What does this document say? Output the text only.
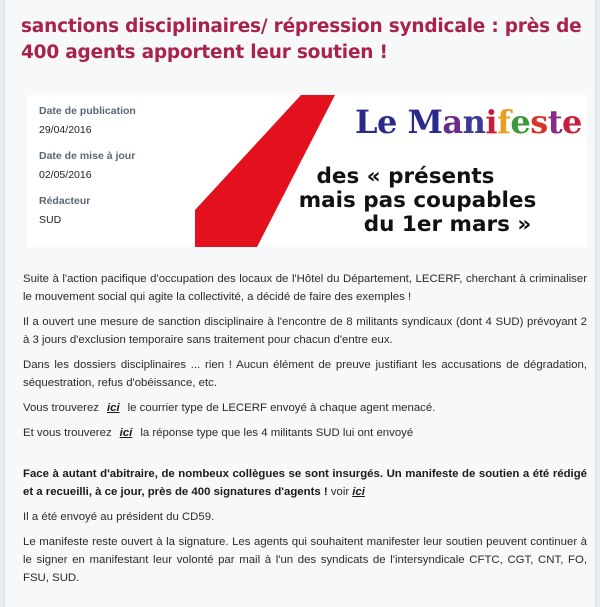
sanctions disciplinaires/ répression syndicale : près de 400 agents apportent leur soutien !
Date de publication
29/04/2016
Date de mise à jour
02/05/2016
Rédacteur
SUD
Le Manifeste
des « présents
mais pas coupables
du 1er mars »

Suite à l'action pacifique d'occupation des locaux de l'Hôtel du Département, LECERF, cherchant à criminaliser le mouvement social qui agite la collectivité, a décidé de faire des exemples !

Il a ouvert une mesure de sanction disciplinaire à l'encontre de 8 militants syndicaux (dont 4 SUD) prévoyant 2 à 3 jours d'exclusion temporaire sans traitement pour chacun d'entre eux.

Dans les dossiers disciplinaires ... rien ! Aucun élément de preuve justifiant les accusations de dégradation, séquestration, refus d'obéissance, etc.

Vous trouverez ici le courrier type de LECERF envoyé à chaque agent menacé.

Et vous trouverez ici la réponse type que les 4 militants SUD lui ont envoyé

Face à autant d'abitraire, de nombeux collègues se sont insurgés. Un manifeste de soutien a été rédigé et a recueilli, à ce jour, près de 400 signatures d'agents ! voir ici

Il a été envoyé au président du CD59.

Le manifeste reste ouvert à la signature. Les agents qui souhaitent manifester leur soutien peuvent continuer à le signer en manifestant leur volonté par mail à l'un des syndicats de l'intersyndicale CFTC, CGT, CNT, FO, FSU, SUD.
